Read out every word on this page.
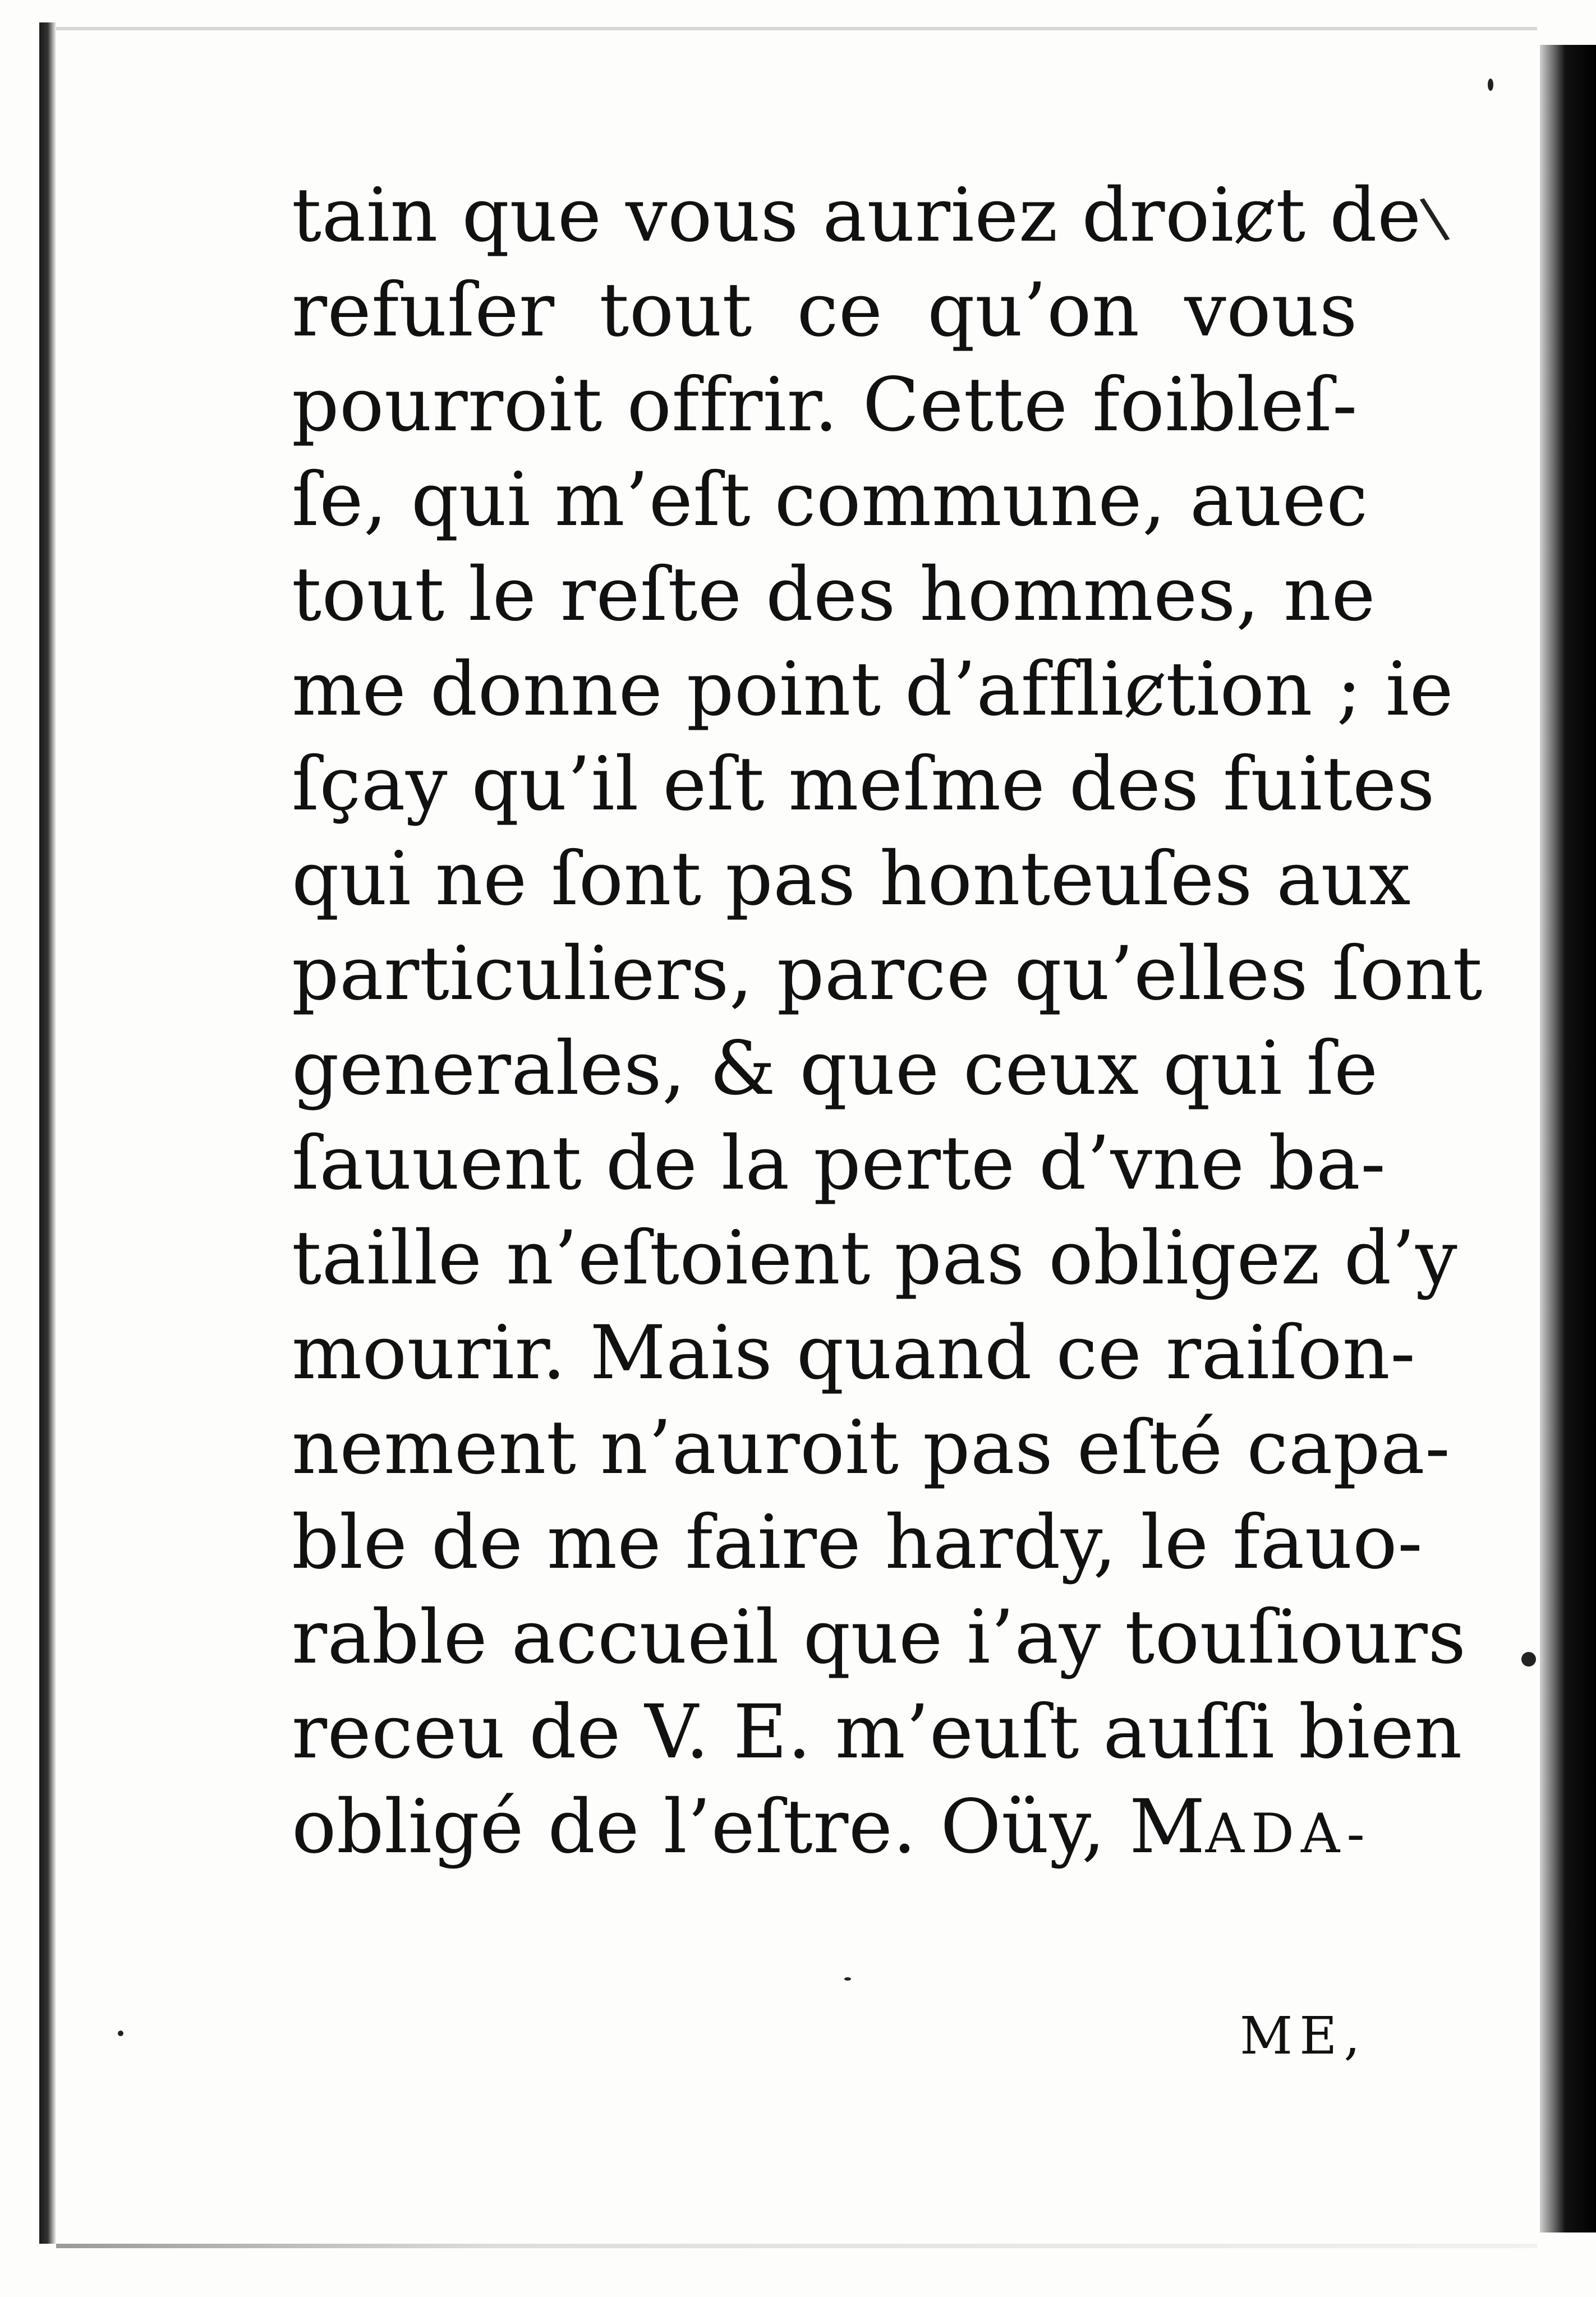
\
tain que vous auriez droiȼt de
refuſer tout ce qu’on vous
pourroit offrir. Cette foibleſ-
ſe, qui m’eſt commune, auec
tout le reſte des hommes, ne
me donne point d’affliȼtion ; ie
ſçay qu’il eſt meſme des fuites
qui ne ſont pas honteuſes aux
particuliers, parce qu’elles ſont
generales, & que ceux qui ſe
ſauuent de la perte d’vne ba-
taille n’eſtoient pas obligez d’y
mourir. Mais quand ce raiſon-
nement n’auroit pas eſté capa-
ble de me faire hardy, le fauo-
rable accueil que i’ay touſiours
receu de V. E. m’euſt auſſi bien
obligé de l’eſtre. Oüy, MADA-
ME,
